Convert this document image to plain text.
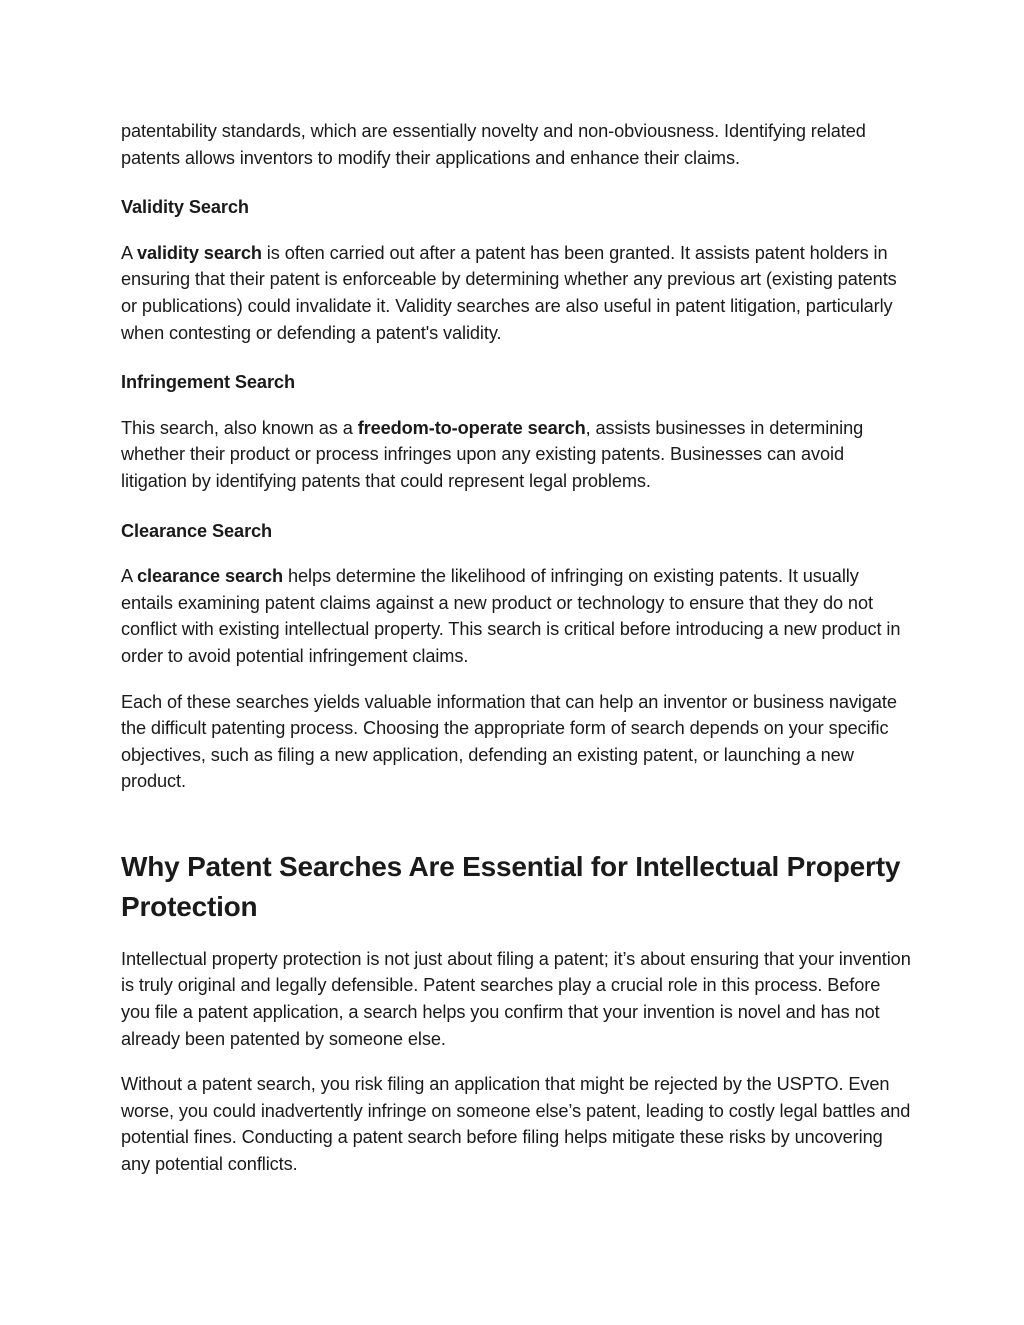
patentability standards, which are essentially novelty and non-obviousness. Identifying related patents allows inventors to modify their applications and enhance their claims.

Validity Search

A validity search is often carried out after a patent has been granted. It assists patent holders in ensuring that their patent is enforceable by determining whether any previous art (existing patents or publications) could invalidate it. Validity searches are also useful in patent litigation, particularly when contesting or defending a patent's validity.

Infringement Search

This search, also known as a freedom-to-operate search, assists businesses in determining whether their product or process infringes upon any existing patents. Businesses can avoid litigation by identifying patents that could represent legal problems.

Clearance Search

A clearance search helps determine the likelihood of infringing on existing patents. It usually entails examining patent claims against a new product or technology to ensure that they do not conflict with existing intellectual property. This search is critical before introducing a new product in order to avoid potential infringement claims.

Each of these searches yields valuable information that can help an inventor or business navigate the difficult patenting process. Choosing the appropriate form of search depends on your specific objectives, such as filing a new application, defending an existing patent, or launching a new product.

Why Patent Searches Are Essential for Intellectual Property Protection

Intellectual property protection is not just about filing a patent; it’s about ensuring that your invention is truly original and legally defensible. Patent searches play a crucial role in this process. Before you file a patent application, a search helps you confirm that your invention is novel and has not already been patented by someone else.

Without a patent search, you risk filing an application that might be rejected by the USPTO. Even worse, you could inadvertently infringe on someone else’s patent, leading to costly legal battles and potential fines. Conducting a patent search before filing helps mitigate these risks by uncovering any potential conflicts.
